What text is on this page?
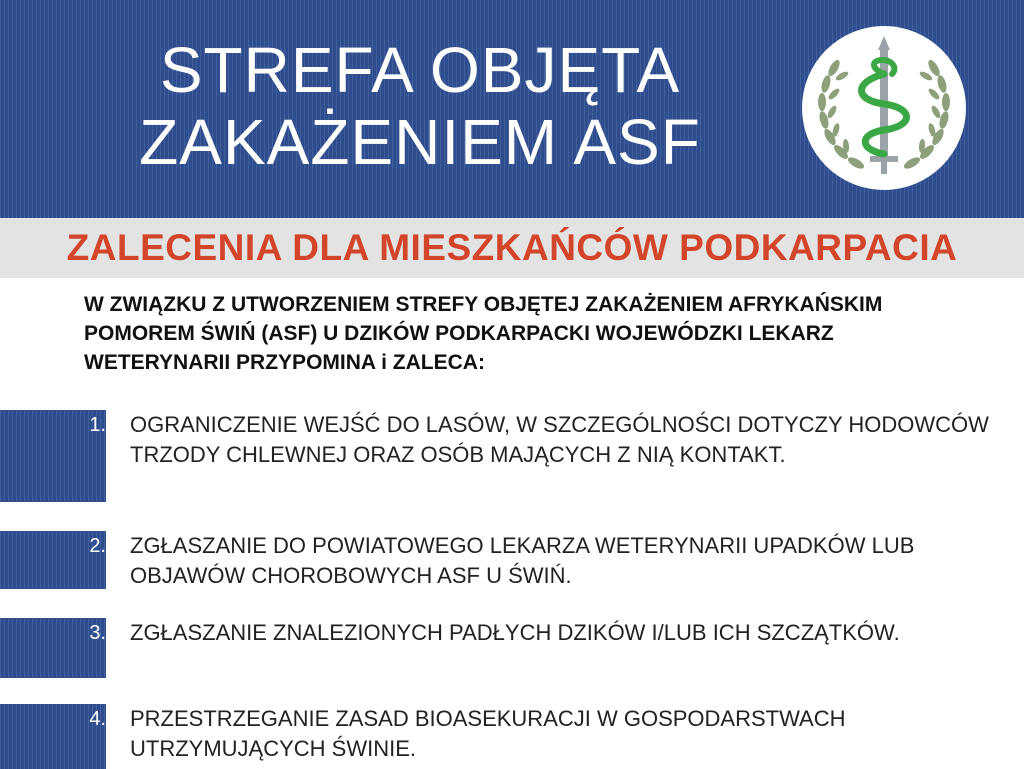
STREFA OBJĘTA
ZAKAŻENIEM ASF
ZALECENIA DLA MIESZKAŃCÓW PODKARPACIA
W ZWIĄZKU Z UTWORZENIEM STREFY OBJĘTEJ ZAKAŻENIEM AFRYKAŃSKIM POMOREM ŚWIŃ (ASF) U DZIKÓW PODKARPACKI WOJEWÓDZKI LEKARZ WETERYNARII PRZYPOMINA i ZALECA:
1. OGRANICZENIE WEJŚĆ DO LASÓW, W SZCZEGÓLNOŚCI DOTYCZY HODOWCÓW TRZODY CHLEWNEJ ORAZ OSÓB MAJĄCYCH Z NIĄ KONTAKT.
2. ZGŁASZANIE DO POWIATOWEGO LEKARZA WETERYNARII UPADKÓW LUB OBJAWÓW CHOROBOWYCH ASF U ŚWIŃ.
3. ZGŁASZANIE ZNALEZIONYCH PADŁYCH DZIKÓW I/LUB ICH SZCZĄTKÓW.
4. PRZESTRZEGANIE ZASAD BIOASEKURACJI W GOSPODARSTWACH UTRZYMUJĄCYCH ŚWINIE.
